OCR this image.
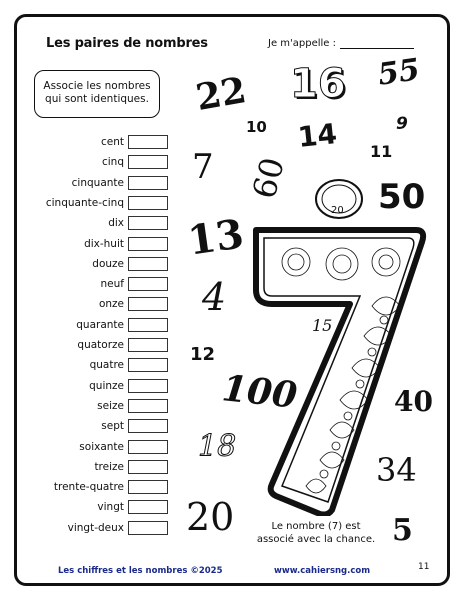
Les paires de nombres	Je m'appelle :
Associe les nombres
qui sont identiques.
cent
cinq
cinquante
cinquante-cinq
dix
dix-huit
douze
neuf
onze
quarante
quatorze
quatre
quinze
seize
sept
soixante
treize
trente-quatre
vingt
vingt-deux
22 16 55
10 14	9
7 60
11
20 50
13
4
15
12
100	40
18
34
20	5
Le nombre (7) est
associé avec la chance.
Les chiffres et les nombres ©2025	www.cahiersng.com	11
